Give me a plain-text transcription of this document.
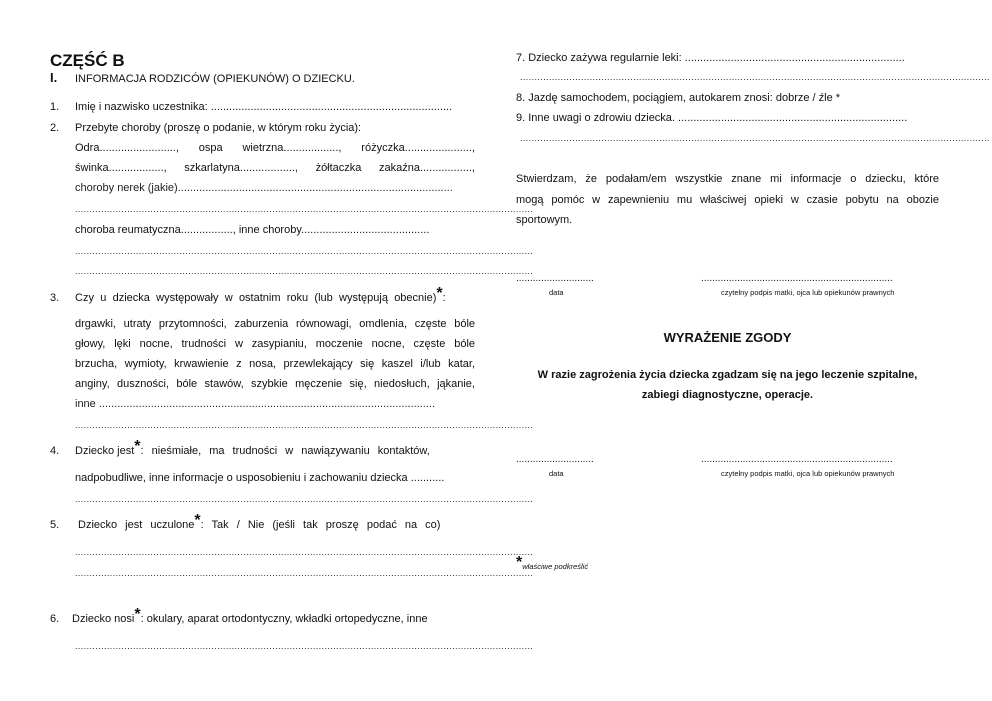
CZĘŚĆ B
I. INFORMACJA RODZICÓW (OPIEKUNÓW) O DZIECKU.
1. Imię i nazwisko uczestnika: ...............................................................................
2. Przebyte choroby (proszę o podanie, w którym roku życia):
Odra........................., ospa wietrzna.................., różyczka......................,
świnka.................., szkarlatyna.................., żółtaczka zakaźna.................,
choroby nerek (jakie)..........................................................................................
..............................................................................................................................................................
choroba reumatyczna................., inne choroby..........................................
..............................................................................................................................................................
..............................................................................................................................................................
3. Czy u dziecka występowały w ostatnim roku (lub występują obecnie)*:
drgawki, utraty przytomności, zaburzenia równowagi, omdlenia, częste bóle
głowy, lęki nocne, trudności w zasypianiu, moczenie nocne, częste bóle
brzucha, wymioty, krwawienie z nosa, przewlekający się kaszel i/lub katar,
anginy, duszności, bóle stawów, szybkie męczenie się, niedosłuch, jąkanie,
inne ..............................................................................................................
..............................................................................................................................................................
4. Dziecko jest*: nieśmiałe, ma trudności w nawiązywaniu kontaktów,
nadpobudliwe, inne informacje o usposobieniu i zachowaniu dziecka ...........
..............................................................................................................................................................
5. Dziecko jest uczulone*: Tak / Nie (jeśli tak proszę podać na co)
..............................................................................................................................................................
..............................................................................................................................................................
6. Dziecko nosi*: okulary, aparat ortodontyczny, wkładki ortopedyczne, inne
..............................................................................................................................................................
7. Dziecko zażywa regularnie leki: ........................................................................
..................................................................................................................................................................
8. Jazdę samochodem, pociągiem, autokarem znosi: dobrze / źle *
9. Inne uwagi o zdrowiu dziecka. ...........................................................................
..................................................................................................................................................................
Stwierdzam, że podałam/em wszystkie znane mi informacje o dziecku, które
mogą pomóc w zapewnieniu mu właściwej opieki w czasie pobytu na obozie
sportowym.
............................
data
.....................................................................
czytelny podpis matki, ojca lub opiekunów prawnych
WYRAŻENIE ZGODY
W razie zagrożenia życia dziecka zgadzam się na jego leczenie szpitalne,
zabiegi diagnostyczne, operacje.
............................
data
.....................................................................
czytelny podpis matki, ojca lub opiekunów prawnych
*właściwe podkreślić
